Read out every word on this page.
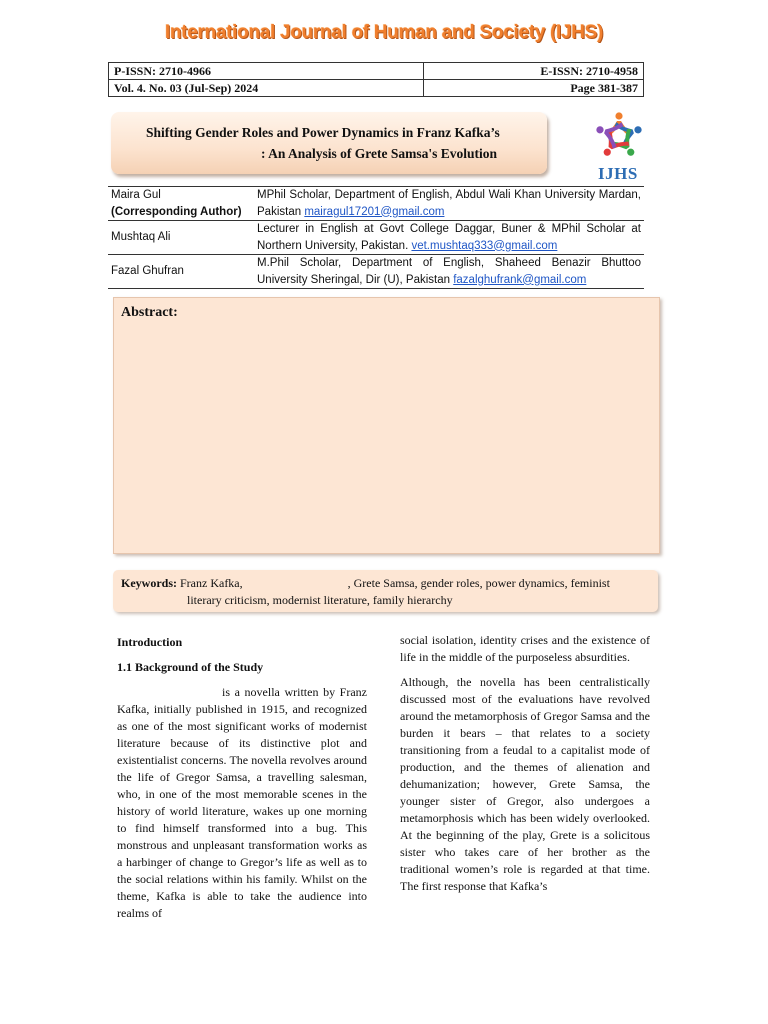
International Journal of Human and Society (IJHS)
P-ISSN: 2710-4966	E-ISSN: 2710-4958
Vol. 4. No. 03 (Jul-Sep) 2024	Page 381-387
Shifting Gender Roles and Power Dynamics in Franz Kafka’s
: An Analysis of Grete Samsa's Evolution
IJHS
Maira Gul
(Corresponding Author)	MPhil Scholar, Department of English, Abdul Wali Khan University Mardan, Pakistan mairagul17201@gmail.com
Mushtaq Ali	Lecturer in English at Govt College Daggar, Buner & MPhil Scholar at Northern University, Pakistan. vet.mushtaq333@gmail.com
Fazal Ghufran	M.Phil Scholar, Department of English, Shaheed Benazir Bhuttoo University Sheringal, Dir (U), Pakistan fazalghufrank@gmail.com
Abstract:
Keywords: Franz Kafka,	, Grete Samsa, gender roles, power dynamics, feminist
literary criticism, modernist literature, family hierarchy
Introduction
1.1 Background of the Study

is a novella written by Franz Kafka, initially published in 1915, and recognized as one of the most significant works of modernist literature because of its distinctive plot and existentialist concerns. The novella revolves around the life of Gregor Samsa, a travelling salesman, who, in one of the most memorable scenes in the history of world literature, wakes up one morning to find himself transformed into a bug. This monstrous and unpleasant transformation works as a harbinger of change to Gregor’s life as well as to the social relations within his family. Whilst on the theme, Kafka is able to take the audience into realms of

social isolation, identity crises and the existence of life in the middle of the purposeless absurdities.

Although, the novella has been centralistically discussed most of the evaluations have revolved around the metamorphosis of Gregor Samsa and the burden it bears – that relates to a society transitioning from a feudal to a capitalist mode of production, and the themes of alienation and dehumanization; however, Grete Samsa, the younger sister of Gregor, also undergoes a metamorphosis which has been widely overlooked. At the beginning of the play, Grete is a solicitous sister who takes care of her brother as the traditional women’s role is regarded at that time. The first response that Kafka’s
